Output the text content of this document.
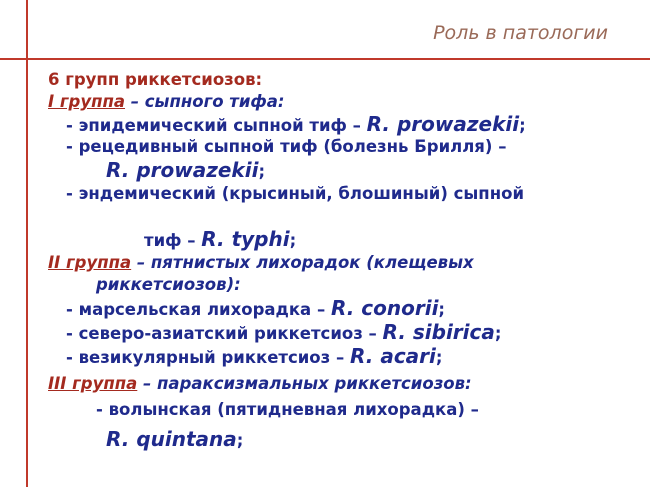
Роль в патологии
6 групп риккетсиозов:
I группа – сыпного тифа:
- эпидемический сыпной тиф – R. prowazekii;
- рецедивный сыпной тиф (болезнь Брилля) –
R. prowazekii;
- эндемический (крысиный, блошиный) сыпной
тиф – R. typhi;
II группа – пятнистых лихорадок (клещевых
риккетсиозов):
- марсельская лихорадка – R. conorii;
- северо-азиатский риккетсиоз – R. sibirica;
- везикулярный риккетсиоз – R. acari;
III группа – параксизмальных риккетсиозов:
- волынская (пятидневная лихорадка) –
R. quintana;
